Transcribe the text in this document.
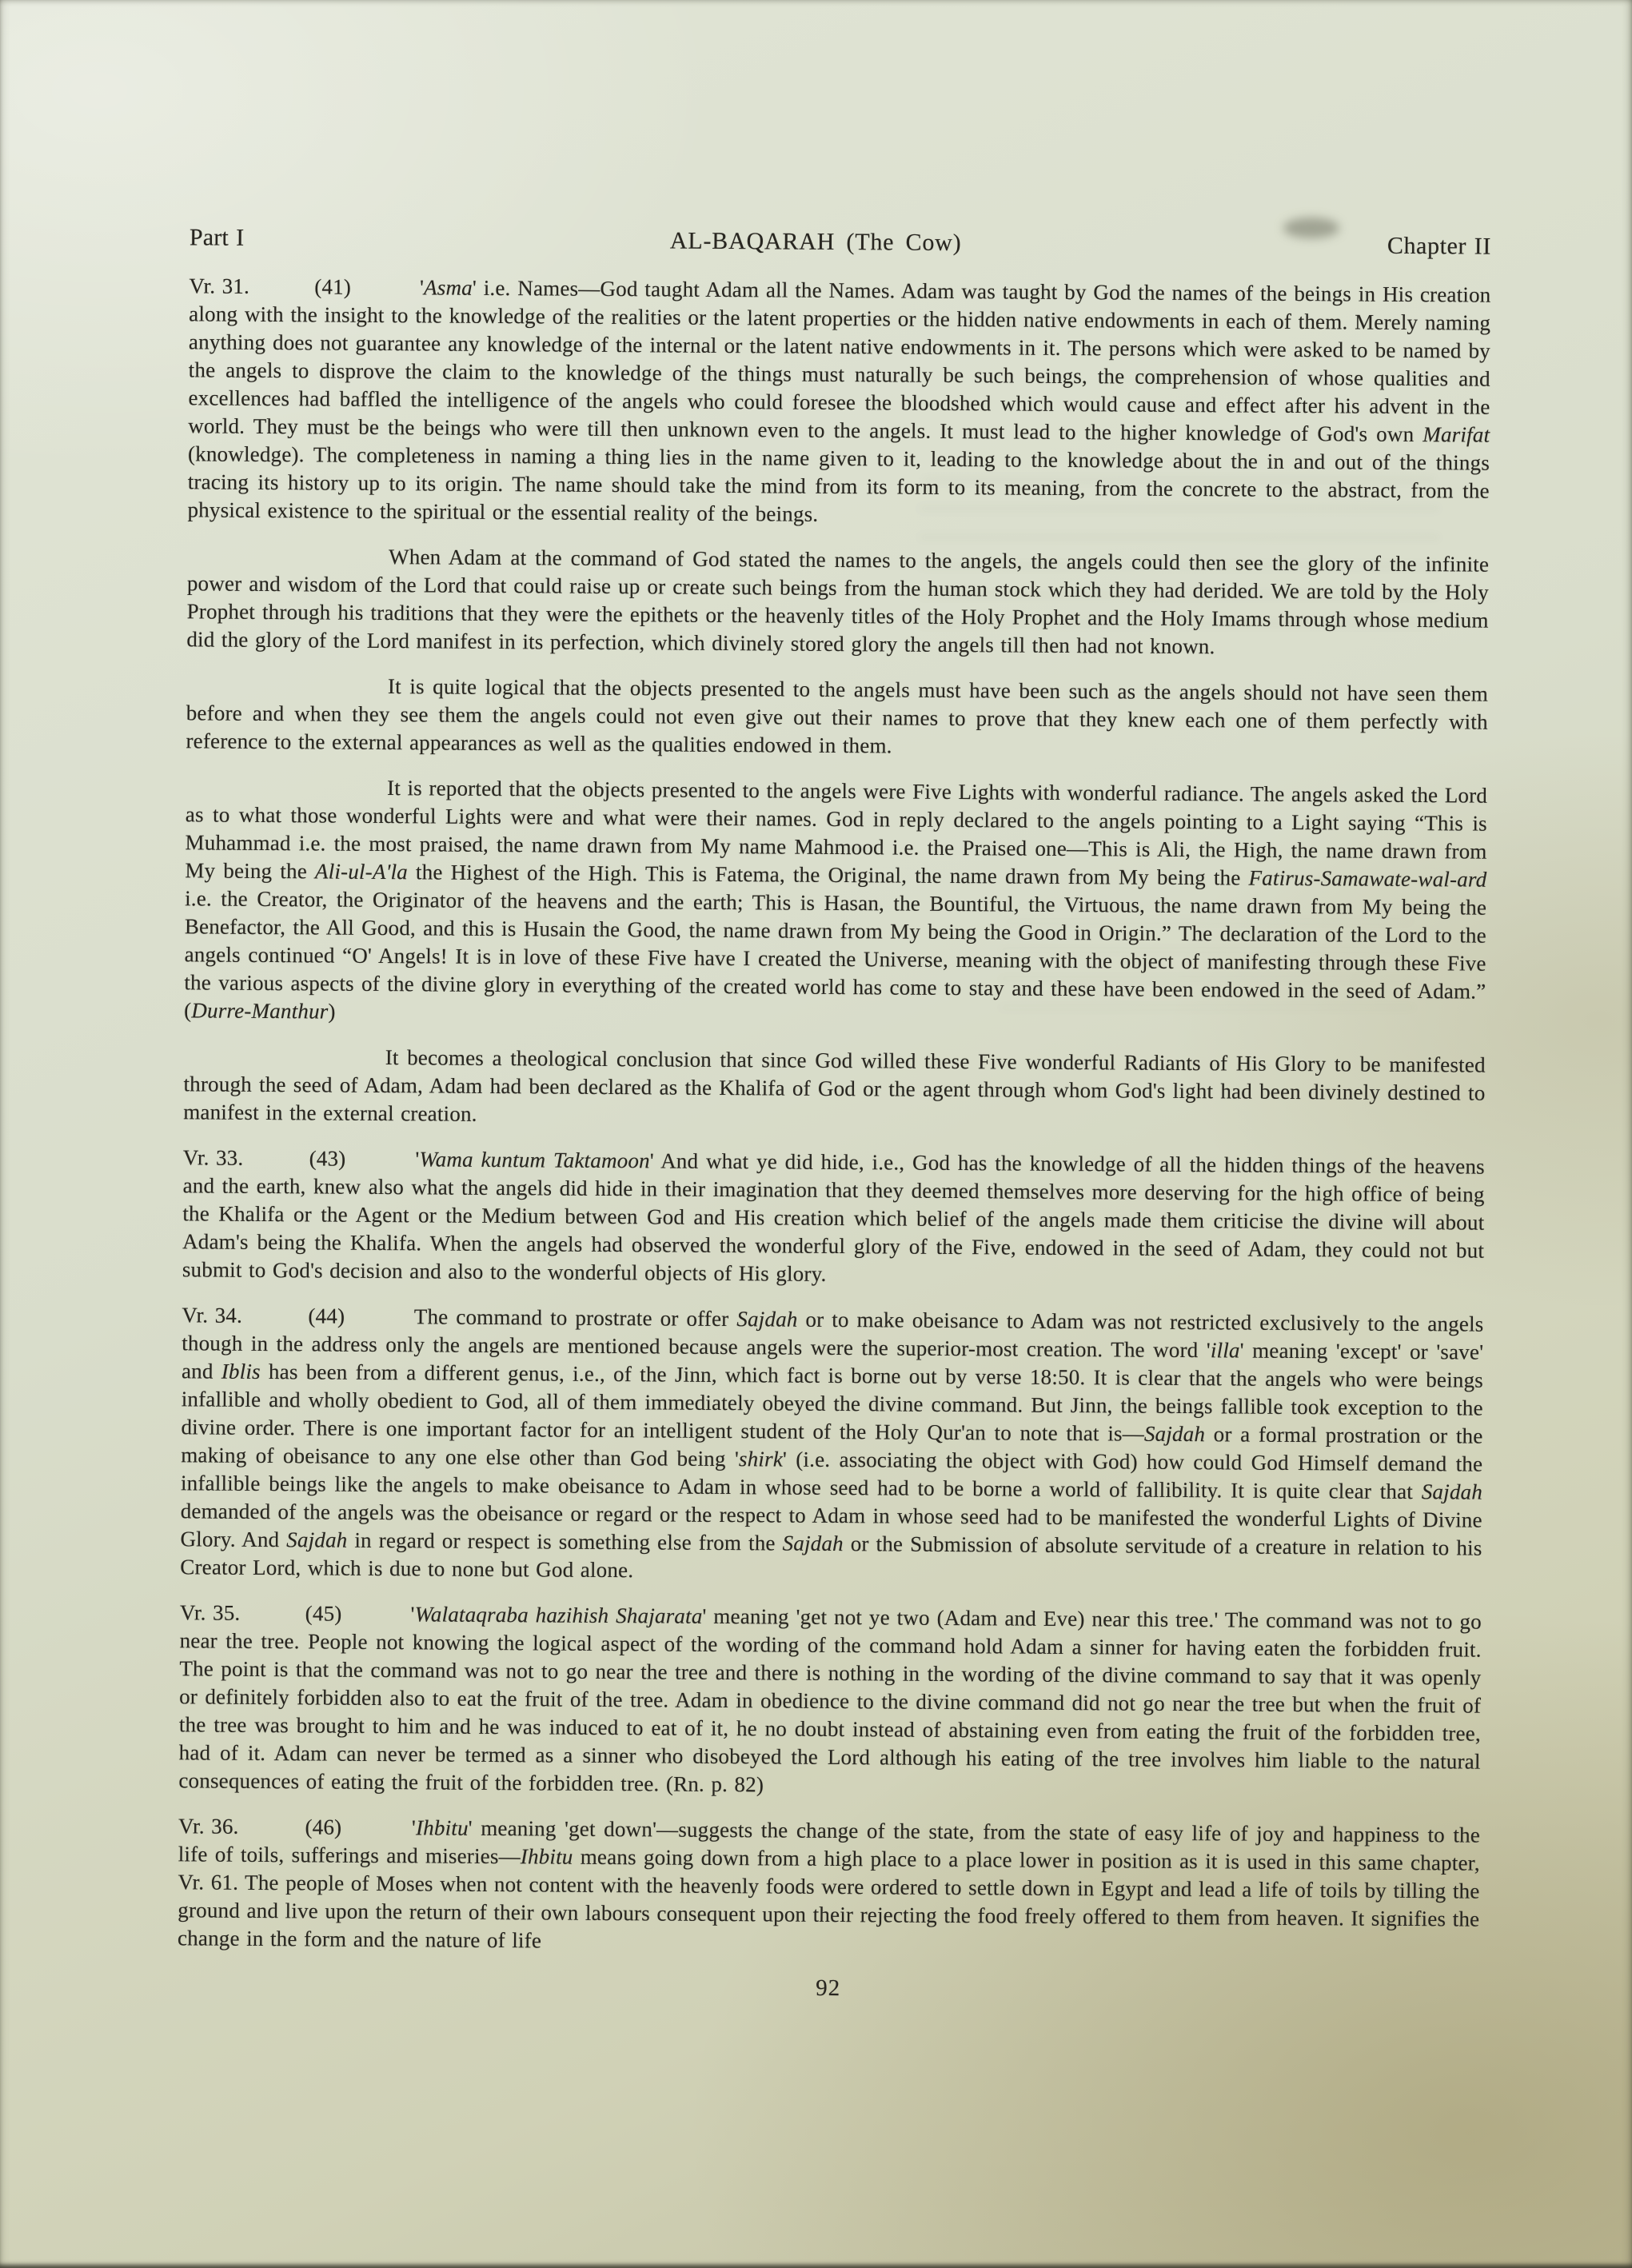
Part I	AL-BAQARAH (The Cow)	Chapter II

Vr. 31.	(41)	'Asma' i.e. Names—God taught Adam all the Names. Adam was taught by God the names of the beings in His creation along with the insight to the knowledge of the realities or the latent properties or the hidden native endowments in each of them. Merely naming anything does not guarantee any knowledge of the internal or the latent native endowments in it. The persons which were asked to be named by the angels to disprove the claim to the knowledge of the things must naturally be such beings, the comprehension of whose qualities and excellences had baffled the intelligence of the angels who could foresee the bloodshed which would cause and effect after his advent in the world. They must be the beings who were till then unknown even to the angels. It must lead to the higher knowledge of God's own Marifat (knowledge). The completeness in naming a thing lies in the name given to it, leading to the knowledge about the in and out of the things tracing its history up to its origin. The name should take the mind from its form to its meaning, from the concrete to the abstract, from the physical existence to the spiritual or the essential reality of the beings.

When Adam at the command of God stated the names to the angels, the angels could then see the glory of the infinite power and wisdom of the Lord that could raise up or create such beings from the human stock which they had derided. We are told by the Holy Prophet through his traditions that they were the epithets or the heavenly titles of the Holy Prophet and the Holy Imams through whose medium did the glory of the Lord manifest in its perfection, which divinely stored glory the angels till then had not known.

It is quite logical that the objects presented to the angels must have been such as the angels should not have seen them before and when they see them the angels could not even give out their names to prove that they knew each one of them perfectly with reference to the external appearances as well as the qualities endowed in them.

It is reported that the objects presented to the angels were Five Lights with wonderful radiance. The angels asked the Lord as to what those wonderful Lights were and what were their names. God in reply declared to the angels pointing to a Light saying “This is Muhammad i.e. the most praised, the name drawn from My name Mahmood i.e. the Praised one—This is Ali, the High, the name drawn from My being the Ali-ul-A'la the Highest of the High. This is Fatema, the Original, the name drawn from My being the Fatirus-Samawate-wal-ard i.e. the Creator, the Originator of the heavens and the earth; This is Hasan, the Bountiful, the Virtuous, the name drawn from My being the Benefactor, the All Good, and this is Husain the Good, the name drawn from My being the Good in Origin.” The declaration of the Lord to the angels continued “O' Angels! It is in love of these Five have I created the Universe, meaning with the object of manifesting through these Five the various aspects of the divine glory in everything of the created world has come to stay and these have been endowed in the seed of Adam.” (Durre-Manthur)

It becomes a theological conclusion that since God willed these Five wonderful Radiants of His Glory to be manifested through the seed of Adam, Adam had been declared as the Khalifa of God or the agent through whom God's light had been divinely destined to manifest in the external creation.

Vr. 33.	(43)	'Wama kuntum Taktamoon' And what ye did hide, i.e., God has the knowledge of all the hidden things of the heavens and the earth, knew also what the angels did hide in their imagination that they deemed themselves more deserving for the high office of being the Khalifa or the Agent or the Medium between God and His creation which belief of the angels made them criticise the divine will about Adam's being the Khalifa. When the angels had observed the wonderful glory of the Five, endowed in the seed of Adam, they could not but submit to God's decision and also to the wonderful objects of His glory.

Vr. 34.	(44)	The command to prostrate or offer Sajdah or to make obeisance to Adam was not restricted exclusively to the angels though in the address only the angels are mentioned because angels were the superior-most creation. The word 'illa' meaning 'except' or 'save' and Iblis has been from a different genus, i.e., of the Jinn, which fact is borne out by verse 18:50. It is clear that the angels who were beings infallible and wholly obedient to God, all of them immediately obeyed the divine command. But Jinn, the beings fallible took exception to the divine order. There is one important factor for an intelligent student of the Holy Qur'an to note that is—Sajdah or a formal prostration or the making of obeisance to any one else other than God being 'shirk' (i.e. associating the object with God) how could God Himself demand the infallible beings like the angels to make obeisance to Adam in whose seed had to be borne a world of fallibility. It is quite clear that Sajdah demanded of the angels was the obeisance or regard or the respect to Adam in whose seed had to be manifested the wonderful Lights of Divine Glory. And Sajdah in regard or respect is something else from the Sajdah or the Submission of absolute servitude of a creature in relation to his Creator Lord, which is due to none but God alone.

Vr. 35.	(45)	'Walataqraba hazihish Shajarata' meaning 'get not ye two (Adam and Eve) near this tree.' The command was not to go near the tree. People not knowing the logical aspect of the wording of the command hold Adam a sinner for having eaten the forbidden fruit. The point is that the command was not to go near the tree and there is nothing in the wording of the divine command to say that it was openly or definitely forbidden also to eat the fruit of the tree. Adam in obedience to the divine command did not go near the tree but when the fruit of the tree was brought to him and he was induced to eat of it, he no doubt instead of abstaining even from eating the fruit of the forbidden tree, had of it. Adam can never be termed as a sinner who disobeyed the Lord although his eating of the tree involves him liable to the natural consequences of eating the fruit of the forbidden tree. (Rn. p. 82)

Vr. 36.	(46)	'Ihbitu' meaning 'get down'—suggests the change of the state, from the state of easy life of joy and happiness to the life of toils, sufferings and miseries—Ihbitu means going down from a high place to a place lower in position as it is used in this same chapter, Vr. 61. The people of Moses when not content with the heavenly foods were ordered to settle down in Egypt and lead a life of toils by tilling the ground and live upon the return of their own labours consequent upon their rejecting the food freely offered to them from heaven. It signifies the change in the form and the nature of life

92
